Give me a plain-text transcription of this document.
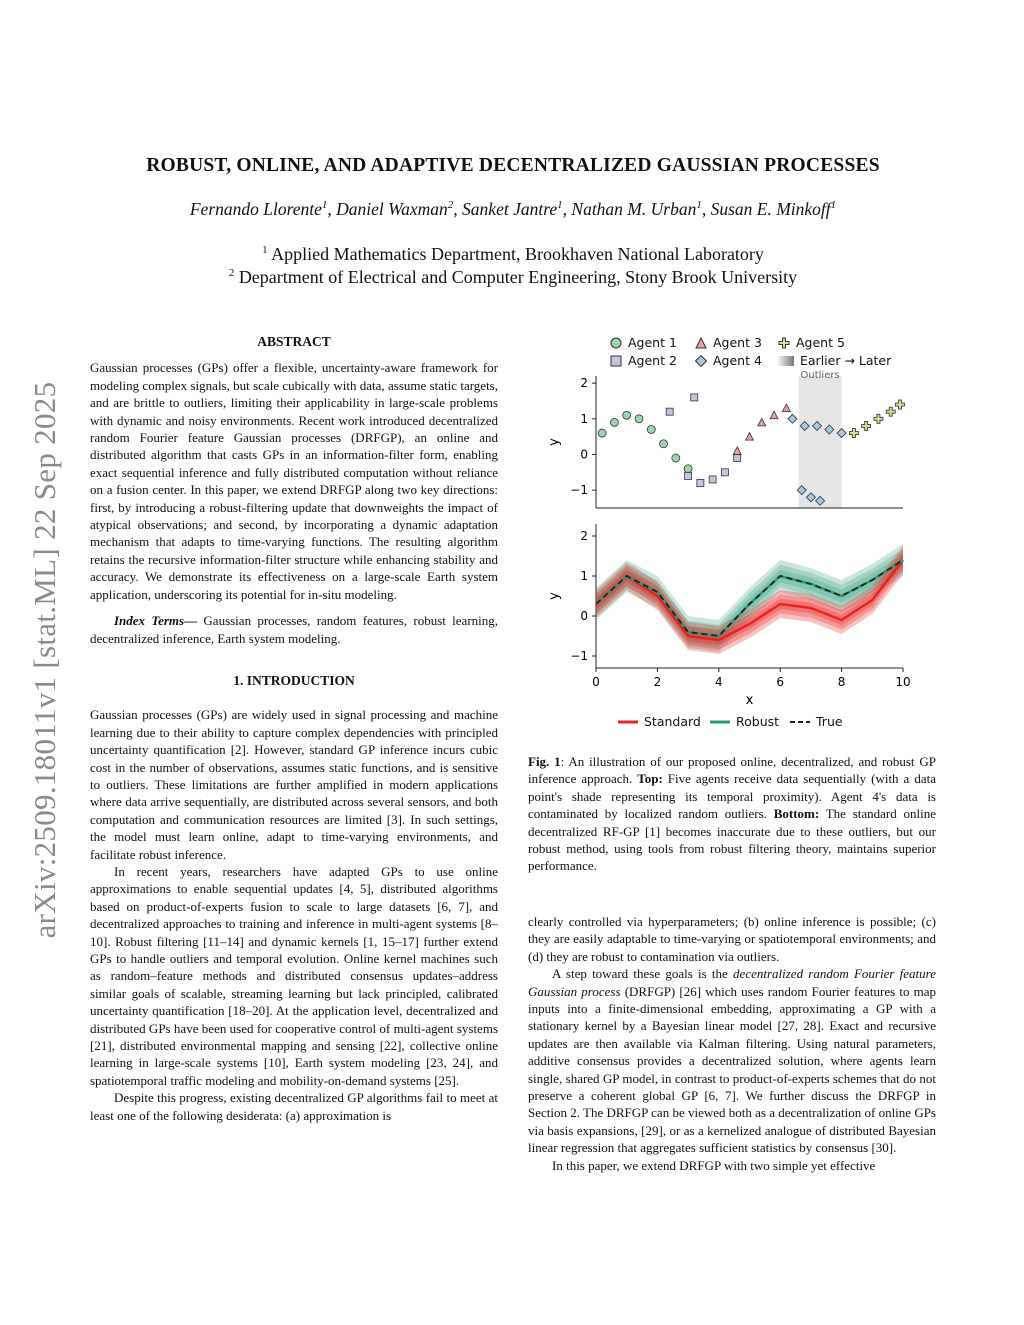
arXiv:2509.18011v1 [stat.ML] 22 Sep 2025
ROBUST, ONLINE, AND ADAPTIVE DECENTRALIZED GAUSSIAN PROCESSES
Fernando Llorente$^1$, Daniel Waxman$^2$, Sanket Jantre$^1$, Nathan M. Urban$^1$, Susan E. Minkoff$^1$
$^1$ Applied Mathematics Department, Brookhaven National Laboratory
$^2$ Department of Electrical and Computer Engineering, Stony Brook University

ABSTRACT

Gaussian processes (GPs) offer a flexible, uncertainty-aware framework for modeling complex signals, but scale cubically with data, assume static targets, and are brittle to outliers, limiting their applicability in large-scale problems with dynamic and noisy environments. Recent work introduced decentralized random Fourier feature Gaussian processes (DRFGP), an online and distributed algorithm that casts GPs in an information-filter form, enabling exact sequential inference and fully distributed computation without reliance on a fusion center. In this paper, we extend DRFGP along two key directions: first, by introducing a robust-filtering update that downweights the impact of atypical observations; and second, by incorporating a dynamic adaptation mechanism that adapts to time-varying functions. The resulting algorithm retains the recursive information-filter structure while enhancing stability and accuracy. We demonstrate its effectiveness on a large-scale Earth system application, underscoring its potential for in-situ modeling.

Index Terms— Gaussian processes, random features, robust learning, decentralized inference, Earth system modeling.

1. INTRODUCTION

Gaussian processes (GPs) are widely used in signal processing and machine learning due to their ability to capture complex dependencies with principled uncertainty quantification [2]. However, standard GP inference incurs cubic cost in the number of observations, assumes static functions, and is sensitive to outliers. These limitations are further amplified in modern applications where data arrive sequentially, are distributed across several sensors, and both computation and communication resources are limited [3]. In such settings, the model must learn online, adapt to time-varying environments, and facilitate robust inference.

In recent years, researchers have adapted GPs to use online approximations to enable sequential updates [4, 5], distributed algorithms based on product-of-experts fusion to scale to large datasets [6, 7], and decentralized approaches to training and inference in multi-agent systems [8–10]. Robust filtering [11–14] and dynamic kernels [1, 15–17] further extend GPs to handle outliers and temporal evolution. Online kernel machines such as random–feature methods and distributed consensus updates–address similar goals of scalable, streaming learning but lack principled, calibrated uncertainty quantification [18–20]. At the application level, decentralized and distributed GPs have been used for cooperative control of multi-agent systems [21], distributed environmental mapping and sensing [22], collective online learning in large-scale systems [10], Earth system modeling [23, 24], and spatiotemporal traffic modeling and mobility-on-demand systems [25].

Despite this progress, existing decentralized GP algorithms fail to meet at least one of the following desiderata: (a) approximation is

Agent 1	Agent 3	Agent 5
Agent 2	Agent 4	Earlier → Later
Outliers
−1
0
1
2
y
−1
0
1
2
y
0	2	4	6	8	10
x
Standard	Robust	True
Fig. 1: An illustration of our proposed online, decentralized, and robust GP inference approach. Top: Five agents receive data sequentially (with a data point's shade representing its temporal proximity). Agent 4's data is contaminated by localized random outliers. Bottom: The standard online decentralized RF-GP [1] becomes inaccurate due to these outliers, but our robust method, using tools from robust filtering theory, maintains superior performance.

clearly controlled via hyperparameters; (b) online inference is possible; (c) they are easily adaptable to time-varying or spatiotemporal environments; and (d) they are robust to contamination via outliers.

A step toward these goals is the decentralized random Fourier feature Gaussian process (DRFGP) [26] which uses random Fourier features to map inputs into a finite-dimensional embedding, approximating a GP with a stationary kernel by a Bayesian linear model [27, 28]. Exact and recursive updates are then available via Kalman filtering. Using natural parameters, additive consensus provides a decentralized solution, where agents learn single, shared GP model, in contrast to product-of-experts schemes that do not preserve a coherent global GP [6, 7]. We further discuss the DRFGP in Section 2. The DRFGP can be viewed both as a decentralization of online GPs via basis expansions, [29], or as a kernelized analogue of distributed Bayesian linear regression that aggregates sufficient statistics by consensus [30].

In this paper, we extend DRFGP with two simple yet effective
